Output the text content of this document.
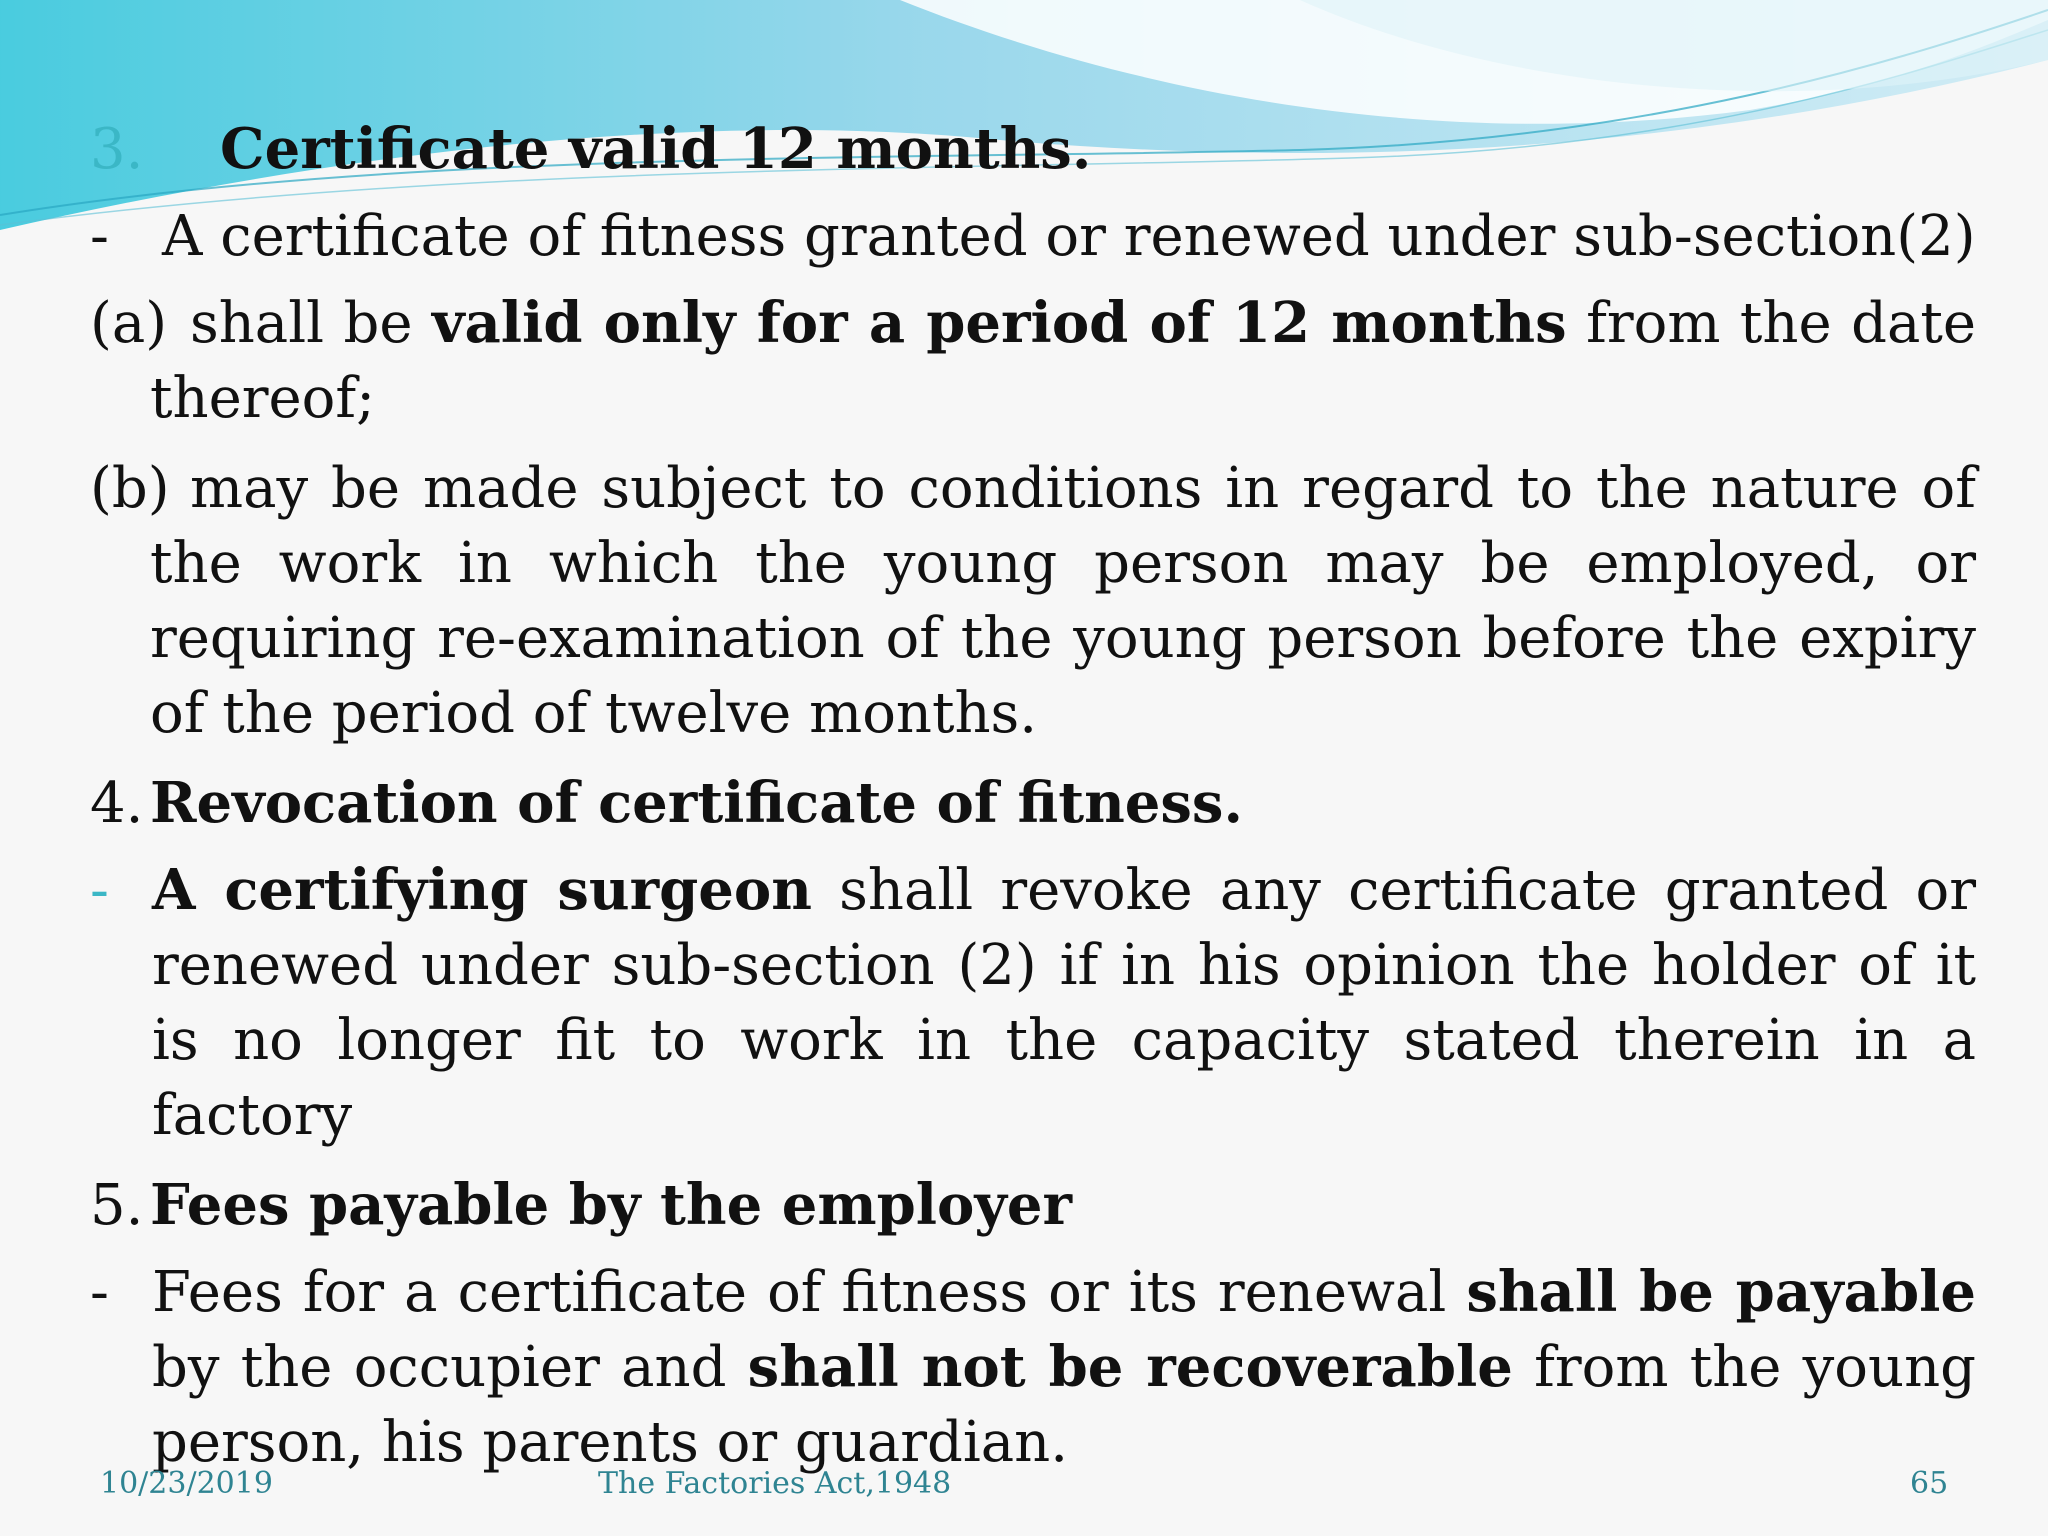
3. Certificate valid 12 months.
- A certificate of fitness granted or renewed under sub-section(2)
(a) shall be valid only for a period of 12 months from the date thereof;
(b) may be made subject to conditions in regard to the nature of the work in which the young person may be employed, or requiring re-examination of the young person before the expiry of the period of twelve months.
4. Revocation of certificate of fitness.
- A certifying surgeon shall revoke any certificate granted or renewed under sub-section (2) if in his opinion the holder of it is no longer fit to work in the capacity stated therein in a factory
5. Fees payable by the employer
- Fees for a certificate of fitness or its renewal shall be payable by the occupier and shall not be recoverable from the young person, his parents or guardian.
10/23/2019	The Factories Act,1948	65
